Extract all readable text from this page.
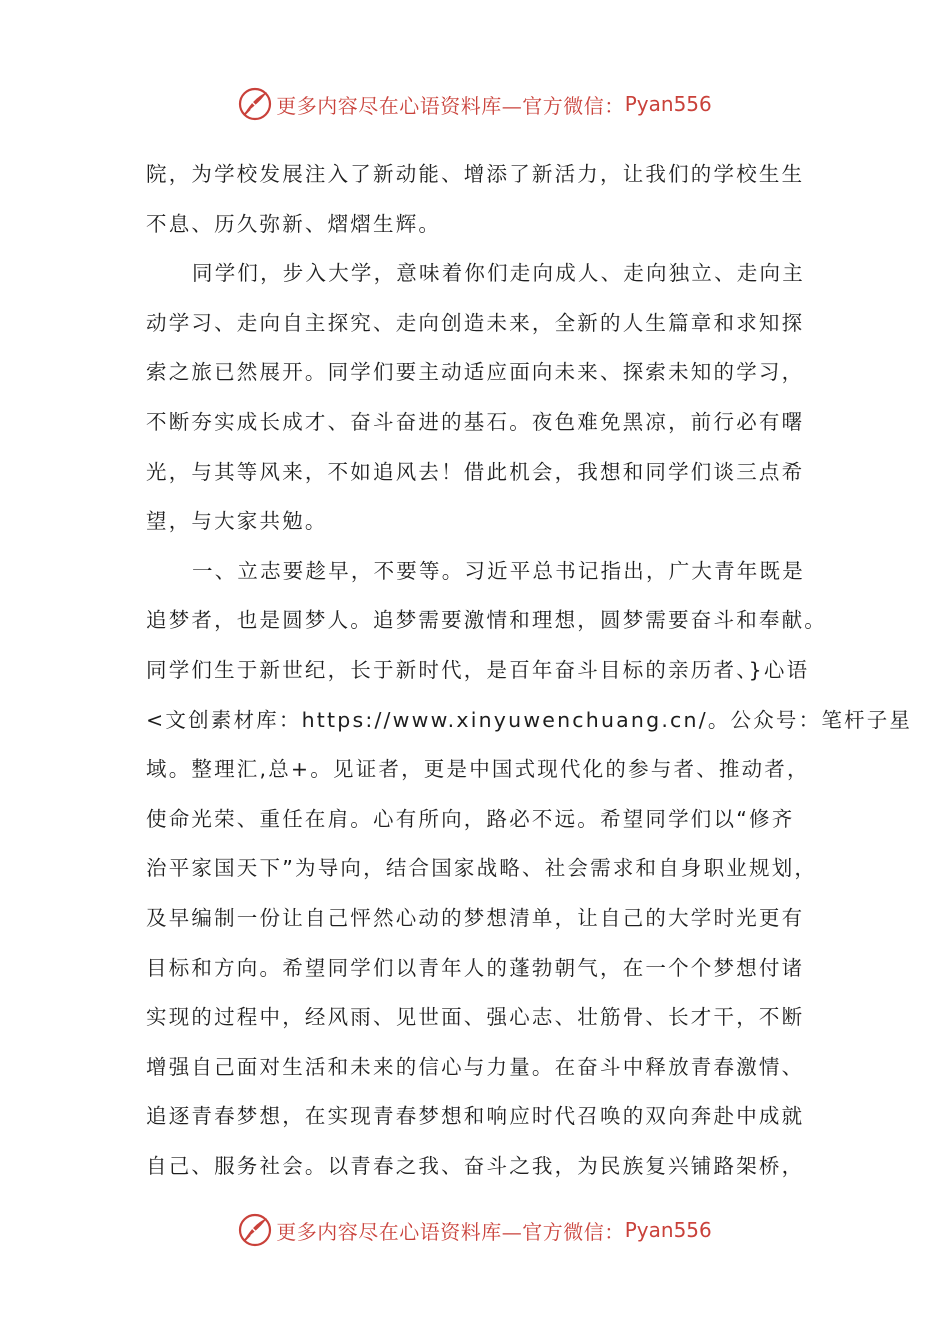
更多内容尽在心语资料库—官方微信： Pyan556
院，为学校发展注入了新动能、增添了新活力，让我们的学校生生
不息、历久弥新、熠熠生辉。
同学们，步入大学，意味着你们走向成人、走向独立、走向主
动学习、走向自主探究、走向创造未来，全新的人生篇章和求知探
索之旅已然展开。同学们要主动适应面向未来、探索未知的学习，
不断夯实成长成才、奋斗奋进的基石。夜色难免黑凉，前行必有曙
光，与其等风来，不如追风去！借此机会，我想和同学们谈三点希
望，与大家共勉。
一、立志要趁早，不要等。习近平总书记指出，广大青年既是
追梦者，也是圆梦人。追梦需要激情和理想，圆梦需要奋斗和奉献。
同学们生于新世纪，长于新时代，是百年奋斗目标的亲历者、}心语
<文创素材库：https://www.xinyuwenchuang.cn/。公众号：笔杆子星
域。整理汇,总+。见证者，更是中国式现代化的参与者、推动者，
使命光荣、重任在肩。心有所向，路必不远。希望同学们以“修齐
治平家国天下”为导向，结合国家战略、社会需求和自身职业规划，
及早编制一份让自己怦然心动的梦想清单，让自己的大学时光更有
目标和方向。希望同学们以青年人的蓬勃朝气，在一个个梦想付诸
实现的过程中，经风雨、见世面、强心志、壮筋骨、长才干，不断
增强自己面对生活和未来的信心与力量。在奋斗中释放青春激情、
追逐青春梦想，在实现青春梦想和响应时代召唤的双向奔赴中成就
自己、服务社会。以青春之我、奋斗之我，为民族复兴铺路架桥，
更多内容尽在心语资料库—官方微信： Pyan556
